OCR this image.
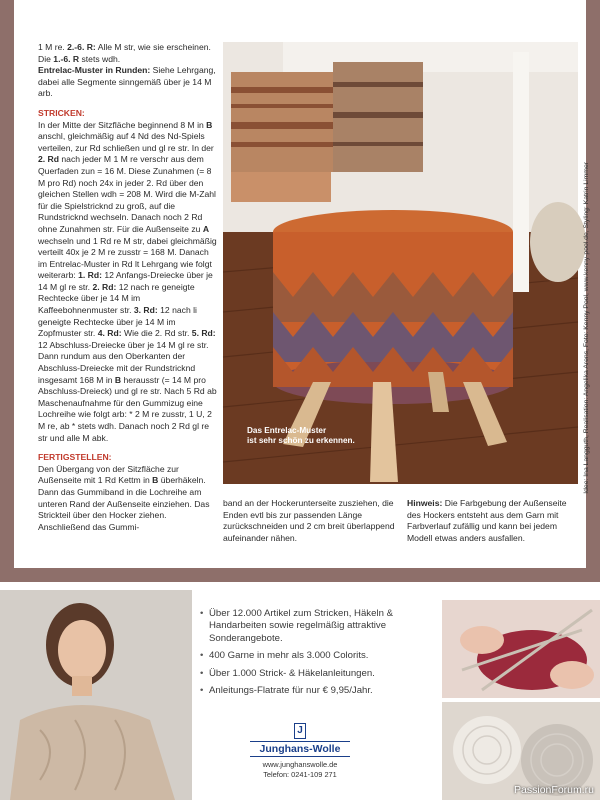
1 M re. 2.-6. R: Alle M str, wie sie erscheinen. Die 1.-6. R stets wdh.

Entrelac-Muster in Runden: Siehe Lehrgang, dabei alle Segmente sinngemäß über je 14 M arb.

STRICKEN:

In der Mitte der Sitzfläche beginnend 8 M in B anschl, gleichmäßig auf 4 Nd des Nd-Spiels verteilen, zur Rd schließen und gl re str. In der 2. Rd nach jeder M 1 M re verschr aus dem Querfaden zun = 16 M. Diese Zunahmen (= 8 M pro Rd) noch 24x in jeder 2. Rd über den gleichen Stellen wdh = 208 M. Wird die M-Zahl für die Spielstricknd zu groß, auf die Rundstricknd wechseln. Danach noch 2 Rd ohne Zunahmen str. Für die Außenseite zu A wechseln und 1 Rd re M str, dabei gleichmäßig verteilt 40x je 2 M re zusstr = 168 M. Danach im Entrelac-Muster in Rd lt Lehrgang wie folgt weiterarb: 1. Rd: 12 Anfangs-Dreiecke über je 14 M gl re str. 2. Rd: 12 nach re geneigte Rechtecke über je 14 M im Kaffeebohnenmuster str. 3. Rd: 12 nach li geneigte Rechtecke über je 14 M im Zopfmuster str. 4. Rd: Wie die 2. Rd str. 5. Rd: 12 Abschluss-Dreiecke über je 14 M gl re str. Dann rundum aus den Oberkanten der Abschluss-Dreiecke mit der Rundstricknd insgesamt 168 M in B herausstr (= 14 M pro Abschluss-Dreieck) und gl re str. Nach 5 Rd ab Maschenaufnahme für den Gummizug eine Lochreihe wie folgt arb: * 2 M re zusstr, 1 U, 2 M re, ab * stets wdh. Danach noch 2 Rd gl re str und alle M abk.

FERTIGSTELLEN:

Den Übergang von der Sitzfläche zur Außenseite mit 1 Rd Kettm in B überhäkeln. Dann das Gummiband in die Lochreihe am unteren Rand der Außenseite einziehen. Das Strickteil über den Hocker ziehen. Anschließend das Gummi-

Das Entrelac-Muster
ist sehr schön zu erkennen.	Idee: Ina Langguth, Realisation: Angelika Arens, Foto: Kenny Pool, www.kenny-pool.de, Styling: Katrin Limmer
band an der Hockerunterseite zusziehen, die Enden evtl bis zur passenden Länge zurückschneiden und 2 cm breit überlappend aufeinander nähen.
Hinweis: Die Farbgebung der Außenseite des Hockers entsteht aus dem Garn mit Farbverlauf zufällig und kann bei jedem Modell etwas anders ausfallen.
• Über 12.000 Artikel zum Stricken, Häkeln & Handarbeiten sowie regelmäßig attraktive Sonderangebote.
• 400 Garne in mehr als 3.000 Colorits.
• Über 1.000 Strick- & Häkelanleitungen.
• Anleitungs-Flatrate für nur € 9,95/Jahr.
J
Junghans-Wolle
www.junghanswolle.de
Telefon: 0241-109 271
PassionForum.ru
